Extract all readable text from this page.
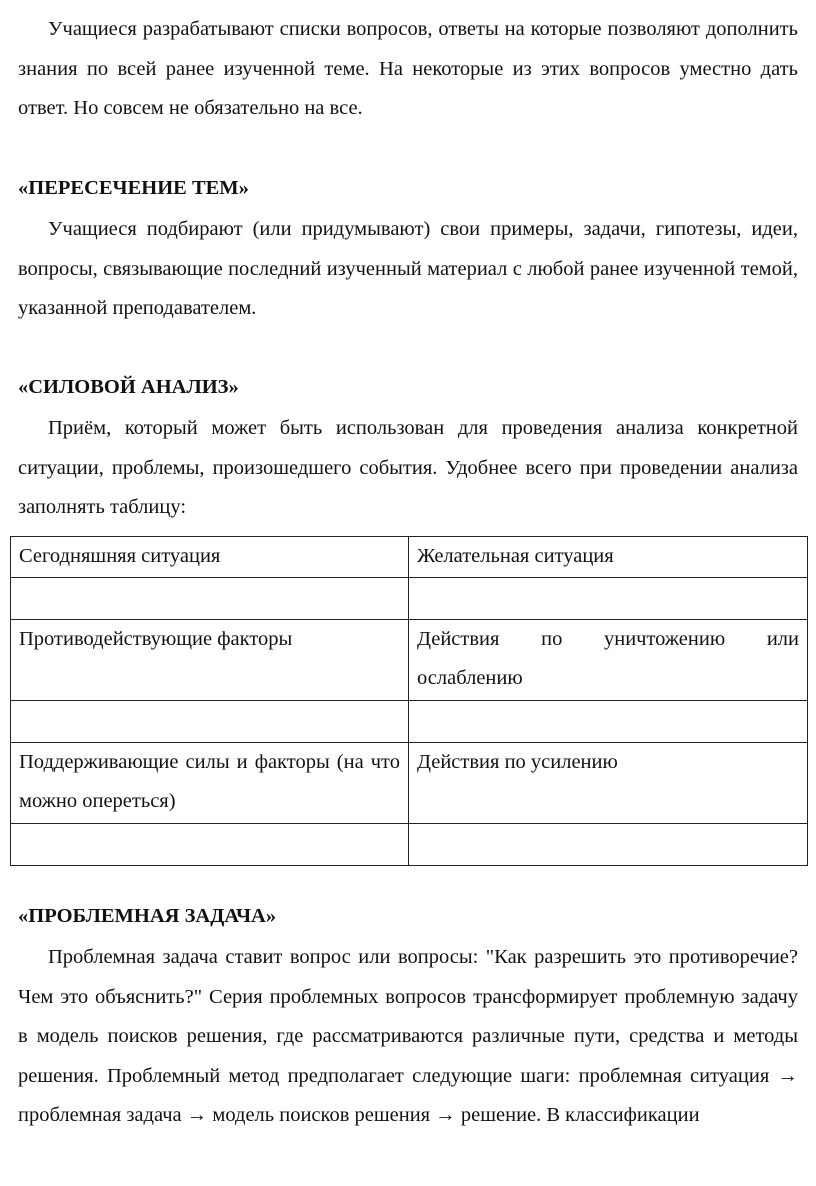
Учащиеся разрабатывают списки вопросов, ответы на которые позволяют дополнить знания по всей ранее изученной теме. На некоторые из этих вопросов уместно дать ответ. Но совсем не обязательно на все.

«ПЕРЕСЕЧЕНИЕ ТЕМ»

Учащиеся подбирают (или придумывают) свои примеры, задачи, гипотезы, идеи, вопросы, связывающие последний изученный материал с любой ранее изученной темой, указанной преподавателем.

«СИЛОВОЙ АНАЛИЗ»

Приём, который может быть использован для проведения анализа конкретной ситуации, проблемы, произошедшего события. Удобнее всего при проведении анализа заполнять таблицу:

Сегодняшняя ситуация	Желательная ситуация

Противодействующие факторы	Действия по уничтожению или ослаблению

Поддерживающие силы и факторы (на что можно опереться)	Действия по усилению

«ПРОБЛЕМНАЯ ЗАДАЧА»

Проблемная задача ставит вопрос или вопросы: "Как разрешить это противоречие? Чем это объяснить?" Серия проблемных вопросов трансформирует проблемную задачу в модель поисков решения, где рассматриваются различные пути, средства и методы решения. Проблемный метод предполагает следующие шаги: проблемная ситуация → проблемная задача → модель поисков решения → решение. В классификации
